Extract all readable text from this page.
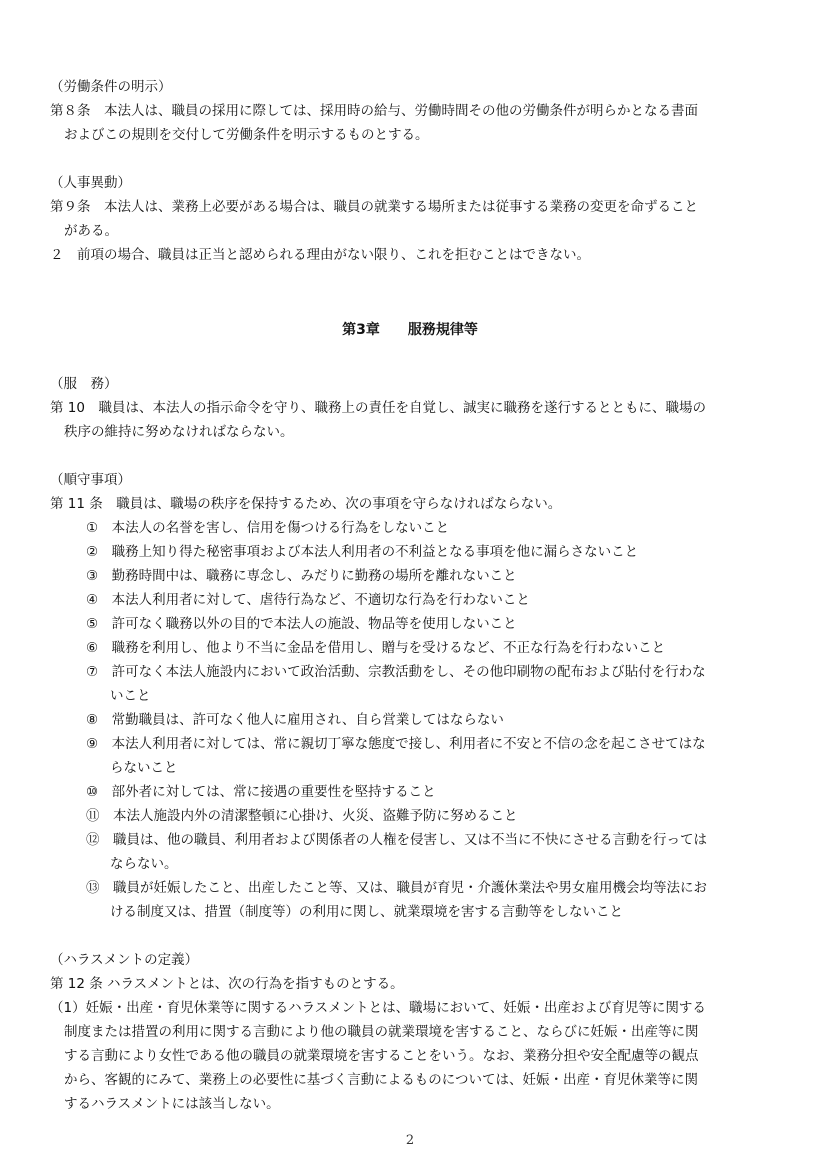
（労働条件の明示）
第８条　本法人は、職員の採用に際しては、採用時の給与、労働時間その他の労働条件が明らかとなる書面
およびこの規則を交付して労働条件を明示するものとする。
（人事異動）
第９条　本法人は、業務上必要がある場合は、職員の就業する場所または従事する業務の変更を命ずること
がある。
２　前項の場合、職員は正当と認められる理由がない限り、これを拒むことはできない。
第3章　　服務規律等
（服　務）
第 10　職員は、本法人の指示命令を守り、職務上の責任を自覚し、誠実に職務を遂行するとともに、職場の
秩序の維持に努めなければならない。
（順守事項）
第 11 条　職員は、職場の秩序を保持するため、次の事項を守らなければならない。
①　本法人の名誉を害し、信用を傷つける行為をしないこと
②　職務上知り得た秘密事項および本法人利用者の不利益となる事項を他に漏らさないこと
③　勤務時間中は、職務に専念し、みだりに勤務の場所を離れないこと
④　本法人利用者に対して、虐待行為など、不適切な行為を行わないこと
⑤　許可なく職務以外の目的で本法人の施設、物品等を使用しないこと
⑥　職務を利用し、他より不当に金品を借用し、贈与を受けるなど、不正な行為を行わないこと
⑦　許可なく本法人施設内において政治活動、宗教活動をし、その他印刷物の配布および貼付を行わな
いこと
⑧　常勤職員は、許可なく他人に雇用され、自ら営業してはならない
⑨　本法人利用者に対しては、常に親切丁寧な態度で接し、利用者に不安と不信の念を起こさせてはな
らないこと
⑩　部外者に対しては、常に接遇の重要性を堅持すること
⑪　本法人施設内外の清潔整頓に心掛け、火災、盗難予防に努めること
⑫　職員は、他の職員、利用者および関係者の人権を侵害し、又は不当に不快にさせる言動を行っては
ならない。
⑬　職員が妊娠したこと、出産したこと等、又は、職員が育児・介護休業法や男女雇用機会均等法にお
ける制度又は、措置（制度等）の利用に関し、就業環境を害する言動等をしないこと
（ハラスメントの定義）
第 12 条 ハラスメントとは、次の行為を指すものとする。
（1）妊娠・出産・育児休業等に関するハラスメントとは、職場において、妊娠・出産および育児等に関する
制度または措置の利用に関する言動により他の職員の就業環境を害すること、ならびに妊娠・出産等に関
する言動により女性である他の職員の就業環境を害することをいう。なお、業務分担や安全配慮等の観点
から、客観的にみて、業務上の必要性に基づく言動によるものについては、妊娠・出産・育児休業等に関
するハラスメントには該当しない。
2
